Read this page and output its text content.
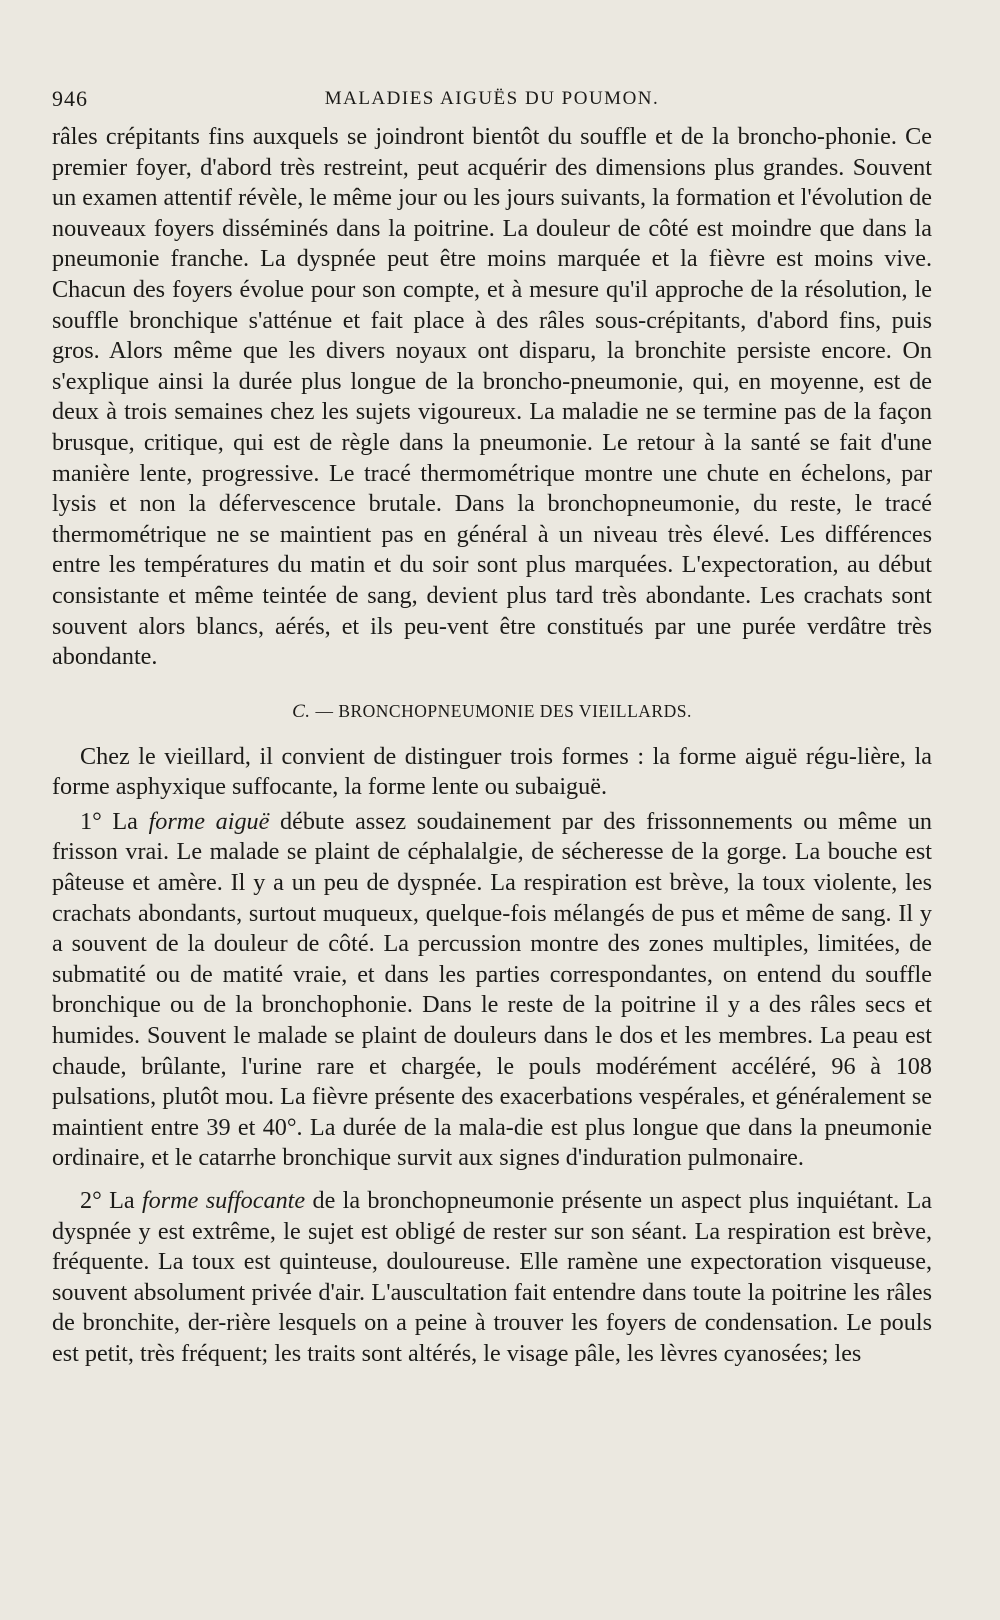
946	MALADIES AIGUËS DU POUMON.

râles crépitants fins auxquels se joindront bientôt du souffle et de la broncho-phonie. Ce premier foyer, d'abord très restreint, peut acquérir des dimensions plus grandes. Souvent un examen attentif révèle, le même jour ou les jours suivants, la formation et l'évolution de nouveaux foyers disséminés dans la poitrine. La douleur de côté est moindre que dans la pneumonie franche. La dyspnée peut être moins marquée et la fièvre est moins vive. Chacun des foyers évolue pour son compte, et à mesure qu'il approche de la résolution, le souffle bronchique s'atténue et fait place à des râles sous-crépitants, d'abord fins, puis gros. Alors même que les divers noyaux ont disparu, la bronchite persiste encore. On s'explique ainsi la durée plus longue de la broncho-pneumonie, qui, en moyenne, est de deux à trois semaines chez les sujets vigoureux. La maladie ne se termine pas de la façon brusque, critique, qui est de règle dans la pneumonie. Le retour à la santé se fait d'une manière lente, progressive. Le tracé thermométrique montre une chute en échelons, par lysis et non la défervescence brutale. Dans la bronchopneumonie, du reste, le tracé thermométrique ne se maintient pas en général à un niveau très élevé. Les différences entre les températures du matin et du soir sont plus marquées. L'expectoration, au début consistante et même teintée de sang, devient plus tard très abondante. Les crachats sont souvent alors blancs, aérés, et ils peu-vent être constitués par une purée verdâtre très abondante.

C. — BRONCHOPNEUMONIE DES VIEILLARDS.

Chez le vieillard, il convient de distinguer trois formes : la forme aiguë régu-lière, la forme asphyxique suffocante, la forme lente ou subaiguë.

1° La forme aiguë débute assez soudainement par des frissonnements ou même un frisson vrai. Le malade se plaint de céphalalgie, de sécheresse de la gorge. La bouche est pâteuse et amère. Il y a un peu de dyspnée. La respiration est brève, la toux violente, les crachats abondants, surtout muqueux, quelque-fois mélangés de pus et même de sang. Il y a souvent de la douleur de côté. La percussion montre des zones multiples, limitées, de submatité ou de matité vraie, et dans les parties correspondantes, on entend du souffle bronchique ou de la bronchophonie. Dans le reste de la poitrine il y a des râles secs et humides. Souvent le malade se plaint de douleurs dans le dos et les membres. La peau est chaude, brûlante, l'urine rare et chargée, le pouls modérément accéléré, 96 à 108 pulsations, plutôt mou. La fièvre présente des exacerbations vespérales, et généralement se maintient entre 39 et 40°. La durée de la mala-die est plus longue que dans la pneumonie ordinaire, et le catarrhe bronchique survit aux signes d'induration pulmonaire.

2° La forme suffocante de la bronchopneumonie présente un aspect plus inquiétant. La dyspnée y est extrême, le sujet est obligé de rester sur son séant. La respiration est brève, fréquente. La toux est quinteuse, douloureuse. Elle ramène une expectoration visqueuse, souvent absolument privée d'air. L'auscultation fait entendre dans toute la poitrine les râles de bronchite, der-rière lesquels on a peine à trouver les foyers de condensation. Le pouls est petit, très fréquent; les traits sont altérés, le visage pâle, les lèvres cyanosées; les
